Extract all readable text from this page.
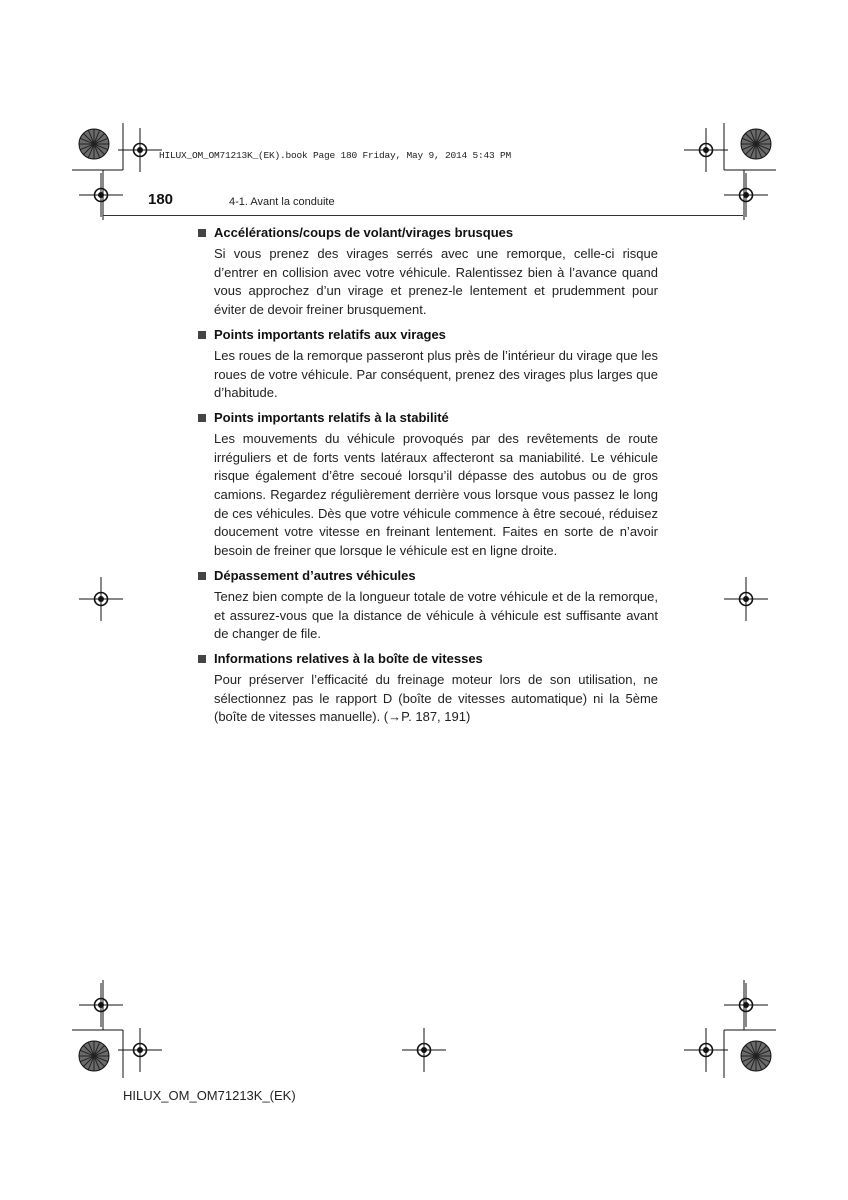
HILUX_OM_OM71213K_(EK).book Page 180 Friday, May 9, 2014 5:43 PM
180	4-1. Avant la conduite
Accélérations/coups de volant/virages brusques

Si vous prenez des virages serrés avec une remorque, celle-ci risque d’entrer en collision avec votre véhicule. Ralentissez bien à l’avance quand vous approchez d’un virage et prenez-le lentement et prudemment pour éviter de devoir freiner brusquement.

Points importants relatifs aux virages

Les roues de la remorque passeront plus près de l’intérieur du virage que les roues de votre véhicule. Par conséquent, prenez des virages plus larges que d’habitude.

Points importants relatifs à la stabilité

Les mouvements du véhicule provoqués par des revêtements de route irréguliers et de forts vents latéraux affecteront sa maniabilité. Le véhicule risque également d’être secoué lorsqu’il dépasse des autobus ou de gros camions. Regardez régulièrement derrière vous lorsque vous passez le long de ces véhicules. Dès que votre véhicule commence à être secoué, réduisez doucement votre vitesse en freinant lentement. Faites en sorte de n’avoir besoin de freiner que lorsque le véhicule est en ligne droite.

Dépassement d’autres véhicules

Tenez bien compte de la longueur totale de votre véhicule et de la remorque, et assurez-vous que la distance de véhicule à véhicule est suffisante avant de changer de file.

Informations relatives à la boîte de vitesses

Pour préserver l’efficacité du freinage moteur lors de son utilisation, ne sélectionnez pas le rapport D (boîte de vitesses automatique) ni la 5ème (boîte de vitesses manuelle). (→P. 187, 191)

HILUX_OM_OM71213K_(EK)
